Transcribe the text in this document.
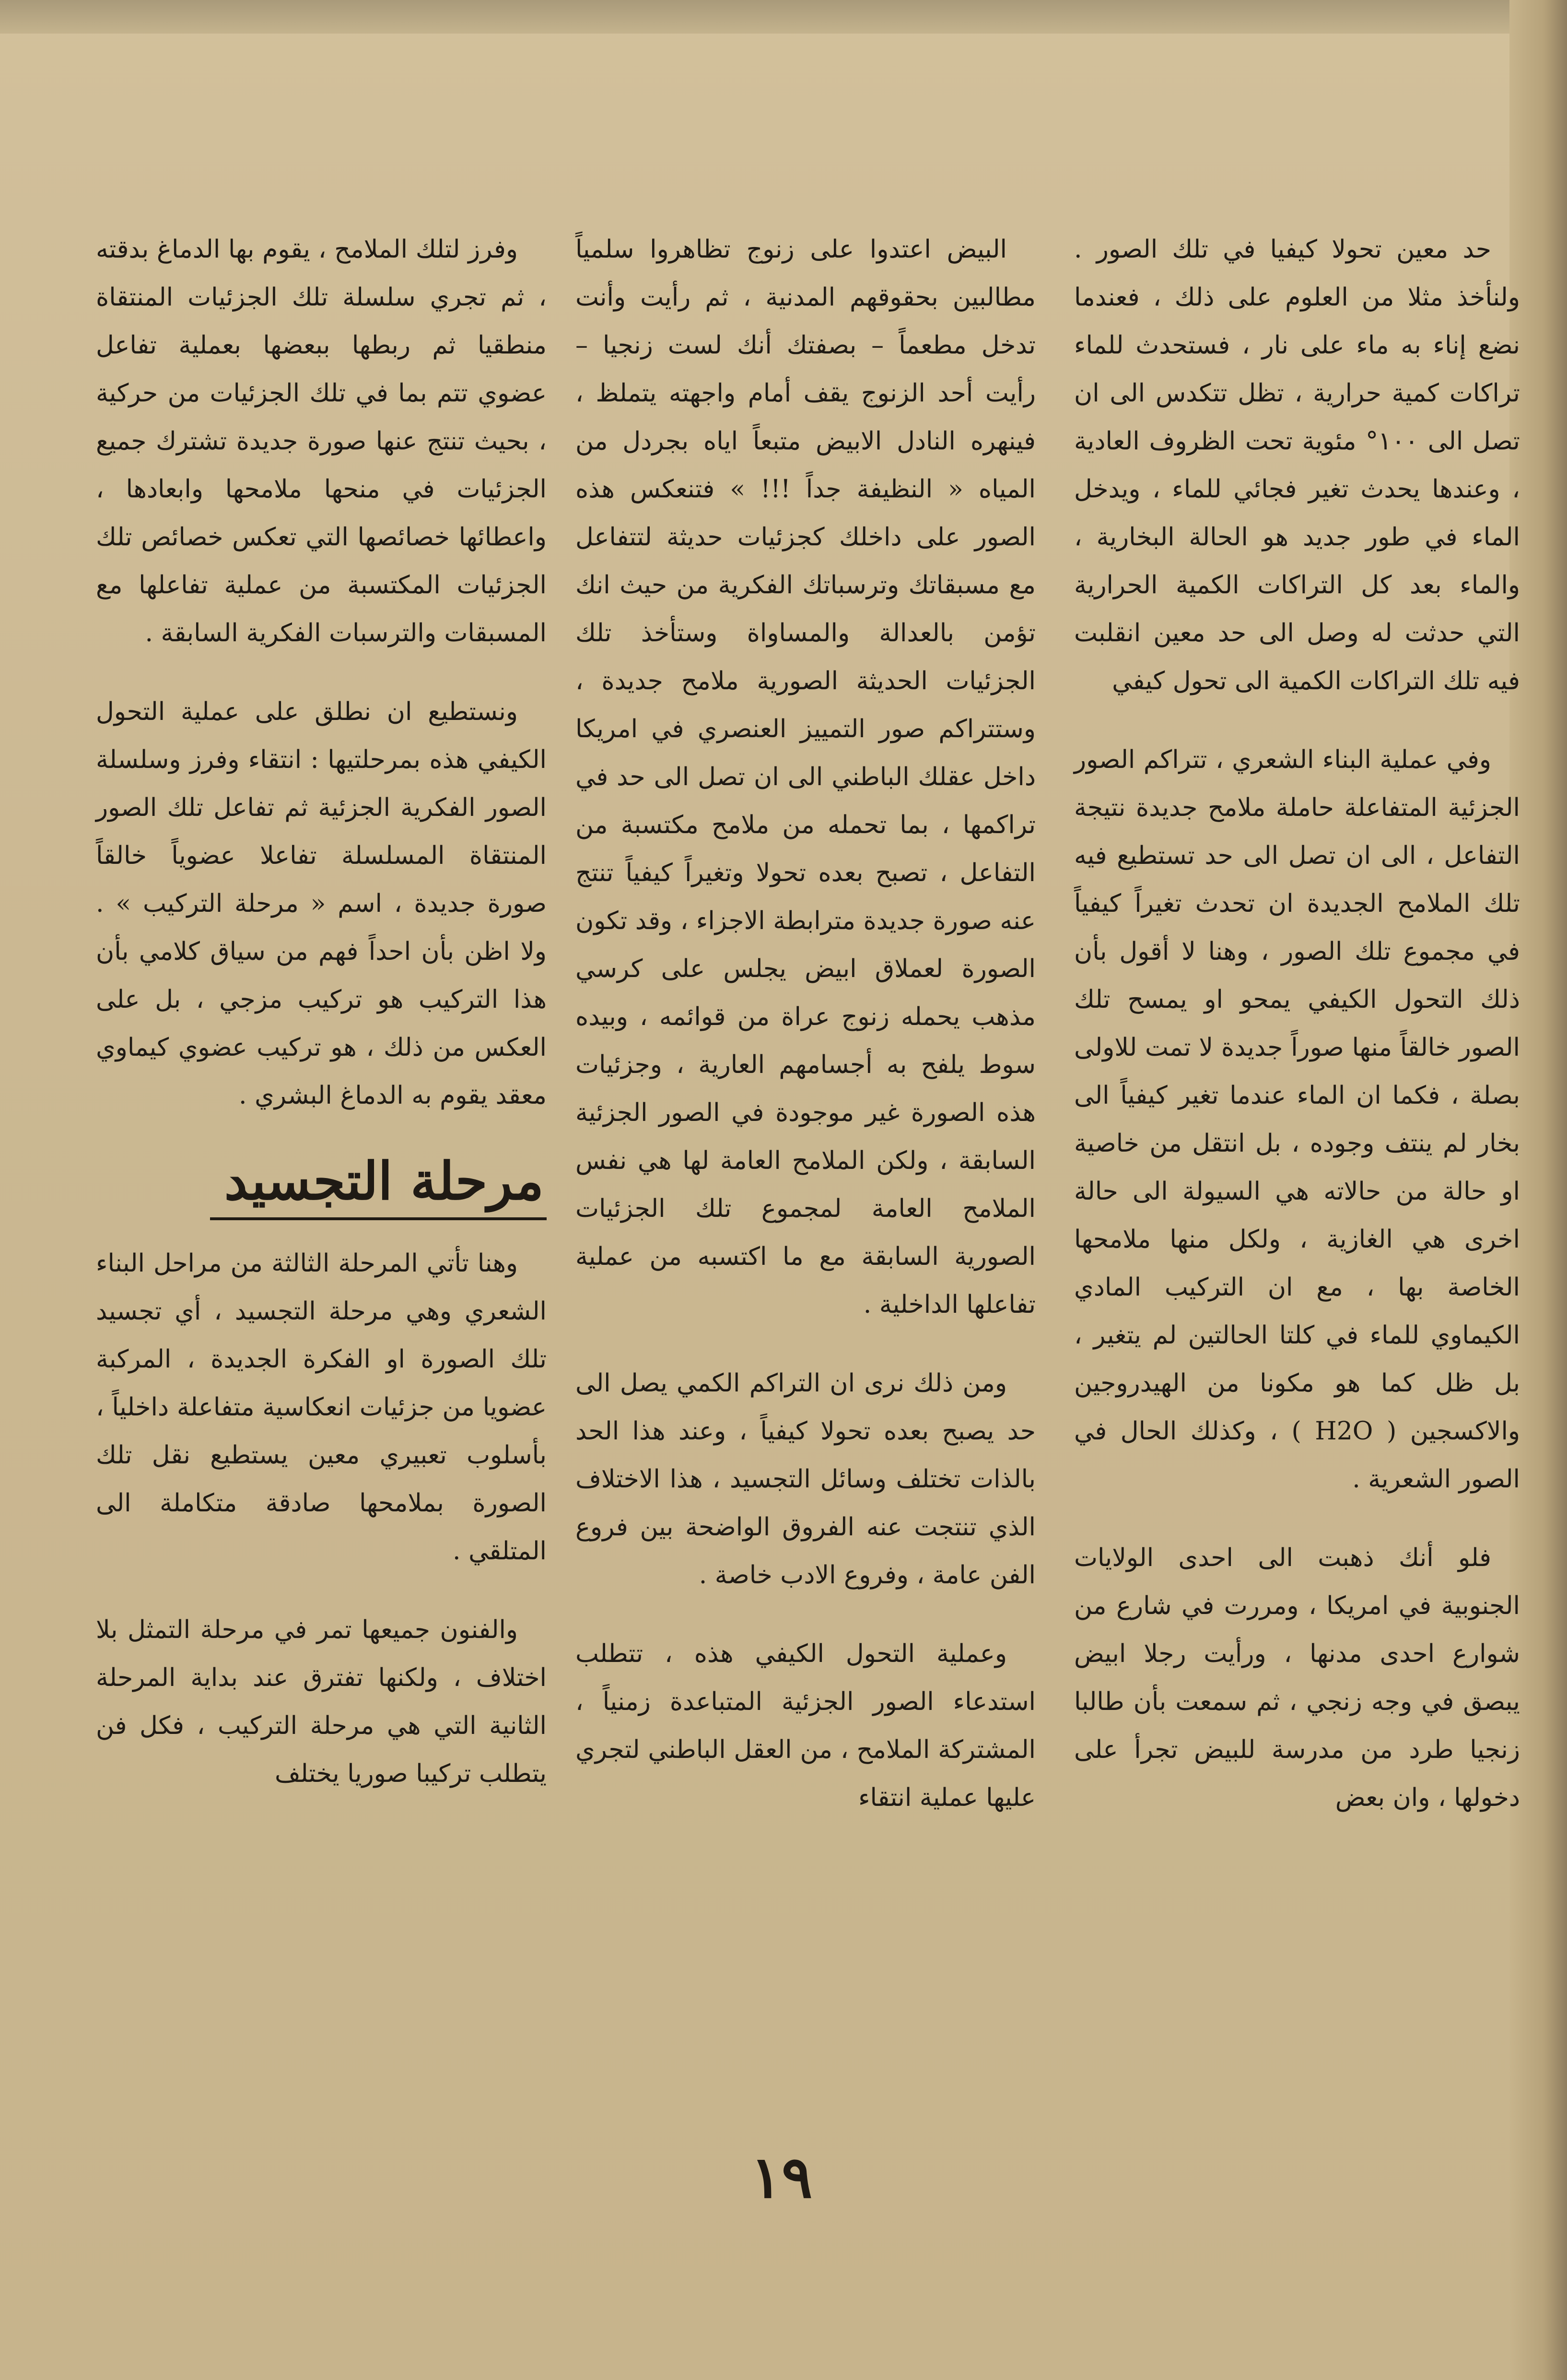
حد معين تحولا كيفيا في تلك الصور . ولنأخذ مثلا من العلوم على ذلك ، فعندما نضع إناء به ماء على نار ، فستحدث للماء تراكات كمية حرارية ، تظل تتكدس الى ان تصل الى ١٠٠° مئوية تحت الظروف العادية ، وعندها يحدث تغير فجائي للماء ، ويدخل الماء في طور جديد هو الحالة البخارية ، والماء بعد كل التراكات الكمية الحرارية التي حدثت له وصل الى حد معين انقلبت فيه تلك التراكات الكمية الى تحول كيفي

وفي عملية البناء الشعري ، تتراكم الصور الجزئية المتفاعلة حاملة ملامح جديدة نتيجة التفاعل ، الى ان تصل الى حد تستطيع فيه تلك الملامح الجديدة ان تحدث تغيراً كيفياً في مجموع تلك الصور ، وهنا لا أقول بأن ذلك التحول الكيفي يمحو او يمسح تلك الصور خالقاً منها صوراً جديدة لا تمت للاولى بصلة ، فكما ان الماء عندما تغير كيفياً الى بخار لم ينتف وجوده ، بل انتقل من خاصية او حالة من حالاته هي السيولة الى حالة اخرى هي الغازية ، ولكل منها ملامحها الخاصة بها ، مع ان التركيب المادي الكيماوي للماء في كلتا الحالتين لم يتغير ، بل ظل كما هو مكونا من الهيدروجين والاكسجين ( H2O ) ، وكذلك الحال في الصور الشعرية .

فلو أنك ذهبت الى احدى الولايات الجنوبية في امريكا ، ومررت في شارع من شوارع احدى مدنها ، ورأيت رجلا ابيض يبصق في وجه زنجي ، ثم سمعت بأن طالبا زنجيا طرد من مدرسة للبيض تجرأ على دخولها ، وان بعض

البيض اعتدوا على زنوج تظاهروا سلمياً مطالبين بحقوقهم المدنية ، ثم رأيت وأنت تدخل مطعماً – بصفتك أنك لست زنجيا – رأيت أحد الزنوج يقف أمام واجهته يتملظ ، فينهره النادل الابيض متبعاً اياه بجردل من المياه « النظيفة جداً !!! » فتنعكس هذه الصور على داخلك كجزئيات حديثة لتتفاعل مع مسبقاتك وترسباتك الفكرية من حيث انك تؤمن بالعدالة والمساواة وستأخذ تلك الجزئيات الحديثة الصورية ملامح جديدة ، وستتراكم صور التمييز العنصري في امريكا داخل عقلك الباطني الى ان تصل الى حد في تراكمها ، بما تحمله من ملامح مكتسبة من التفاعل ، تصبح بعده تحولا وتغيراً كيفياً تنتج عنه صورة جديدة مترابطة الاجزاء ، وقد تكون الصورة لعملاق ابيض يجلس على كرسي مذهب يحمله زنوج عراة من قوائمه ، وبيده سوط يلفح به أجسامهم العارية ، وجزئيات هذه الصورة غير موجودة في الصور الجزئية السابقة ، ولكن الملامح العامة لها هي نفس الملامح العامة لمجموع تلك الجزئيات الصورية السابقة مع ما اكتسبه من عملية تفاعلها الداخلية .

ومن ذلك نرى ان التراكم الكمي يصل الى حد يصبح بعده تحولا كيفياً ، وعند هذا الحد بالذات تختلف وسائل التجسيد ، هذا الاختلاف الذي تنتجت عنه الفروق الواضحة بين فروع الفن عامة ، وفروع الادب خاصة .

وعملية التحول الكيفي هذه ، تتطلب استدعاء الصور الجزئية المتباعدة زمنياً ، المشتركة الملامح ، من العقل الباطني لتجري عليها عملية انتقاء

وفرز لتلك الملامح ، يقوم بها الدماغ بدقته ، ثم تجري سلسلة تلك الجزئيات المنتقاة منطقيا ثم ربطها ببعضها بعملية تفاعل عضوي تتم بما في تلك الجزئيات من حركية ، بحيث تنتج عنها صورة جديدة تشترك جميع الجزئيات في منحها ملامحها وابعادها ، واعطائها خصائصها التي تعكس خصائص تلك الجزئيات المكتسبة من عملية تفاعلها مع المسبقات والترسبات الفكرية السابقة .

ونستطيع ان نطلق على عملية التحول الكيفي هذه بمرحلتيها : انتقاء وفرز وسلسلة الصور الفكرية الجزئية ثم تفاعل تلك الصور المنتقاة المسلسلة تفاعلا عضوياً خالقاً صورة جديدة ، اسم « مرحلة التركيب » . ولا اظن بأن احداً فهم من سياق كلامي بأن هذا التركيب هو تركيب مزجي ، بل على العكس من ذلك ، هو تركيب عضوي كيماوي معقد يقوم به الدماغ البشري .

مرحلة التجسيد

وهنا تأتي المرحلة الثالثة من مراحل البناء الشعري وهي مرحلة التجسيد ، أي تجسيد تلك الصورة او الفكرة الجديدة ، المركبة عضويا من جزئيات انعكاسية متفاعلة داخلياً ، بأسلوب تعبيري معين يستطيع نقل تلك الصورة بملامحها صادقة متكاملة الى المتلقي .

والفنون جميعها تمر في مرحلة التمثل بلا اختلاف ، ولكنها تفترق عند بداية المرحلة الثانية التي هي مرحلة التركيب ، فكل فن يتطلب تركيبا صوريا يختلف

١٩
